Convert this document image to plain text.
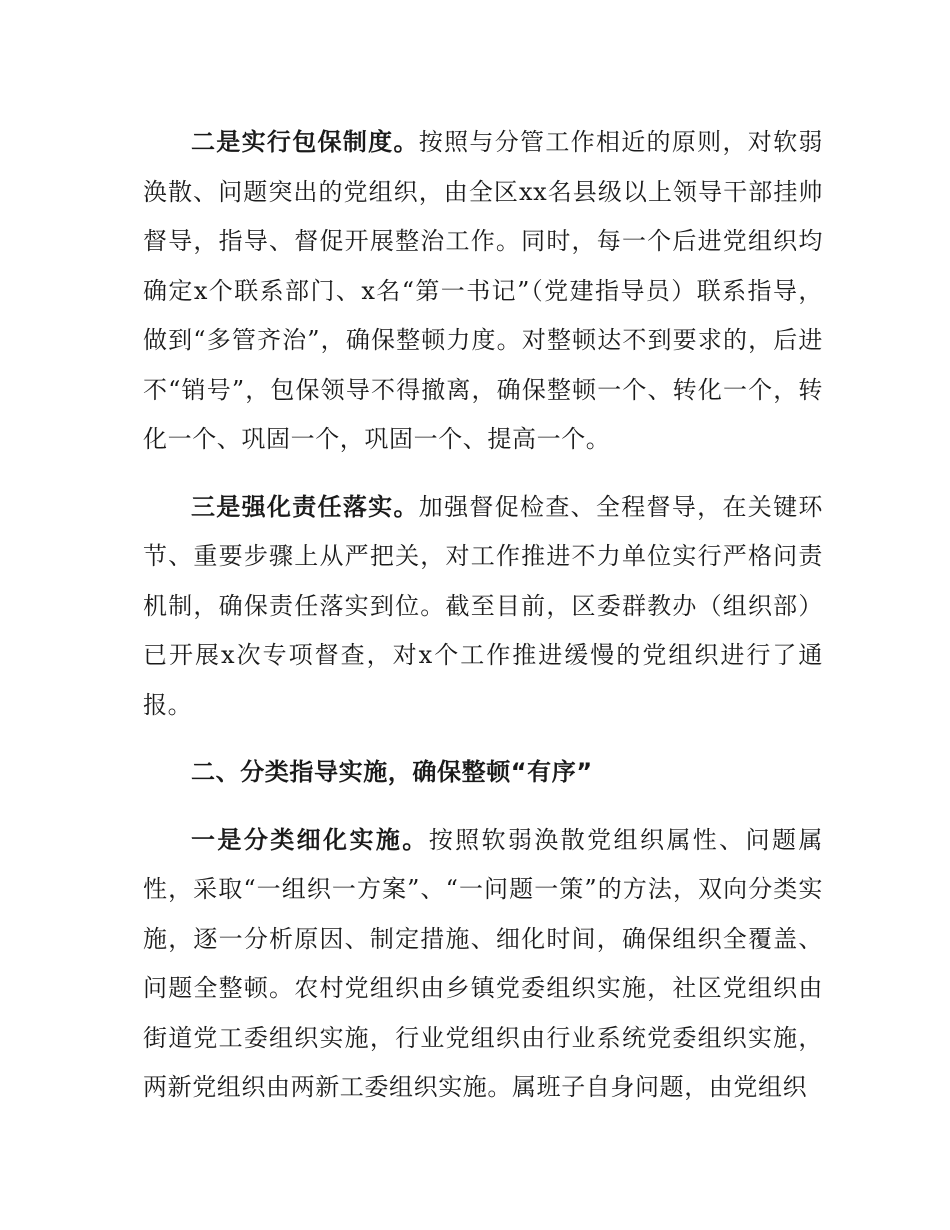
二是实行包保制度。按照与分管工作相近的原则，对软弱涣散、问题突出的党组织，由全区xx名县级以上领导干部挂帅督导，指导、督促开展整治工作。同时，每一个后进党组织均确定x个联系部门、x名“第一书记”（党建指导员）联系指导，做到“多管齐治”，确保整顿力度。对整顿达不到要求的，后进不“销号”，包保领导不得撤离，确保整顿一个、转化一个，转化一个、巩固一个，巩固一个、提高一个。

三是强化责任落实。加强督促检查、全程督导，在关键环节、重要步骤上从严把关，对工作推进不力单位实行严格问责机制，确保责任落实到位。截至目前，区委群教办（组织部）已开展x次专项督查，对x个工作推进缓慢的党组织进行了通报。

二、分类指导实施，确保整顿“有序”

一是分类细化实施。按照软弱涣散党组织属性、问题属性，采取“一组织一方案”、“一问题一策”的方法，双向分类实施，逐一分析原因、制定措施、细化时间，确保组织全覆盖、问题全整顿。农村党组织由乡镇党委组织实施，社区党组织由街道党工委组织实施，行业党组织由行业系统党委组织实施，两新党组织由两新工委组织实施。属班子自身问题，由党组织
